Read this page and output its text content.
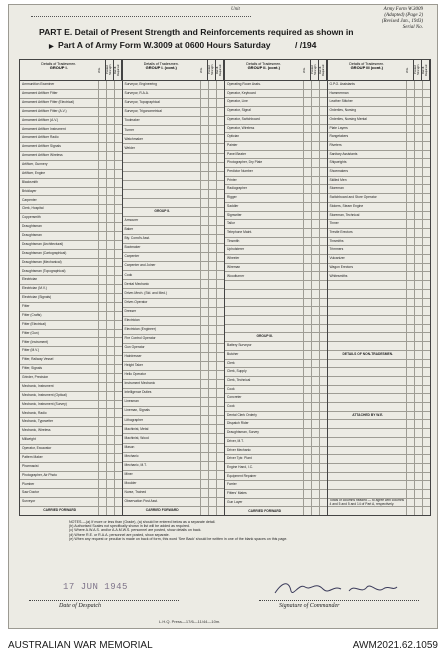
Unit	Army Form W.3009
(Adapted) (Page 2)
(Revised Jan., 1943)
Serial No.
PART E. Detail of Present Strength and Reinforcements required as shown in
▶ Part A of Army Form W.3009 at 0600 Hours Saturday	/ /194
Details of Tradesmen.
GROUP I.	W.E.	Posted Strength Reinft. Required
Ammunition Examiner
Armament Artificer Fitter
Armament Artificer Fitter (Electrical)
Armament Artificer Fitter (A.V.)
Armament Artificer (A.V.)
Armament Artificer Instrument
Armament Artificer Radio
Armament Artificer Signals
Armament Artificer Wireless
Artificer, Gunnery
Artificer, Engine
Blacksmith
Bricklayer
Carpenter
Clerk, Hospital
Coppersmith
Draughtsman
Draughtsman
Draughtsman (Architectural)
Draughtsman (Cartographical)
Draughtsman (Mechanical)
Draughtsman (Topographical)
Electrician
Electrician (M.V.)
Electrician (Signals)
Fitter
Fitter (Crafts)
Fitter (Electrical)
Fitter (Gun)
Fitter (Instrument)
Fitter (M.V.)
Fitter, Railway Vessel
Fitter, Signals
Grinder, Precision
Mechanic, Instrument
Mechanic, Instrument (Optical)
Mechanic, Instrument (Survey)
Mechanic, Radio
Mechanic, Typewriter
Mechanic, Wireless
Millwright
Operator, Excavator
Pattern Maker
Pharmacist
Photographer, Air Photo
Plumber
Saw Doctor
Surveyor
CARRIED FORWARD
Details of Tradesmen.
GROUP I. (cont.)	W.E.	Posted Strength Reinft. Required
Surveyor, Engineering
Surveyor, R.A.A.
Surveyor, Topographical
Surveyor, Trigonometrical
Toolmaker
Turner
Watchmaker
Welder
GROUP II.
Armourer
Baker
Bty. Comd's Asst.
Bootmaker
Carpenter
Carpenter and Joiner
Cook
Dental Mechanic
Driver-Mech. (Std. and Med.)
Driver-Operator
Dresser
Electrician
Electrician (Engineer)
Fire Control Operator
Gun Operator
Hairdresser
Height Taker
Hello Operator
Instrument Mechanic
Intelligence Duties
Linesman
Lineman, Signals
Lithographer
Machinist, Metal
Machinist, Wood
Mason
Mechanic
Mechanic, M.T.
Miner
Moulder
Nurse, Trained
Observation Post Asst.
CARRIED FORWARD
Details of Tradesmen.
GROUP II. (cont.)	W.E.	Posted Strength Reinft. Required
Operating Room Assts.
Operator, Keyboard
Operator, Line
Operator, Signal
Operator, Switchboard
Operator, Wireless
Optician
Painter
Panel Beater
Photographer, Dry Plate
Predictor Number
Printer
Radiographer
Rigger
Saddler
Signwriter
Tailor
Telephone Maint.
Tinsmith
Upholsterer
Wheeler
Wireman
Woodturner
GROUP III.
Battery Surveyor
Butcher
Clerk
Clerk, Supply
Clerk, Technical
Cook
Concreter
Cook
Dental Clerk Orderly
Dispatch Rider
Draughtsman, Survey
Driver, M.T.
Driver Mechanic
Driver Tptr. Plant
Engine Hand, I.C.
Equipment Repairer
Farrier
Fitters' Mates
Gun Layer
CARRIED FORWARD
Details of Tradesmen.
GROUP III (cont.)	W.E.	Posted Strength Reinft. Required
G.P.O. Assistants
Hammerman
Leather Stitcher
Orderlies, Nursing
Orderlies, Nursing Mental
Plate Layers
Rangetakers
Riveters
Sanitary Assistants
Shipwrights
Shoemakers
Skilled Men
Storeman
Switchboard and Store Operator
Stokers, Steam Engine
Storeman, Technical
Tinner
Trestle Erectors
Tinsmiths
Trimmers
Vulcanizer
Wagon Erectors
Whitesmiths
DETAILS OF NON-TRADESMEN.
ATTACHED BY W.E.
Totals of columns headed — to agree with columns 4 and 5 and 5 and 14 of Part A, respectively.
NOTES.—(a) If more or less than (Grade), (a) should be entered below as a separate detail.
(b) Authorised Scales not specifically shown in list will be added as required.
(c) Where A.W.A.S. and/or A.A.M.W.S. personnel are posted, show details on back.
(d) Where R.E. or R.A.A. personnel are posted, show separate.
(e) When any request or peculiar is made on back of form, this word 'See Back' should be written in one of the blank spaces on this page.
17 JUN 1945
Date of Despatch	Signature of Commander
L.H.Q. Press—17/6—11/44—10m.
AUSTRALIAN WAR MEMORIAL	AWM2021.62.1059
